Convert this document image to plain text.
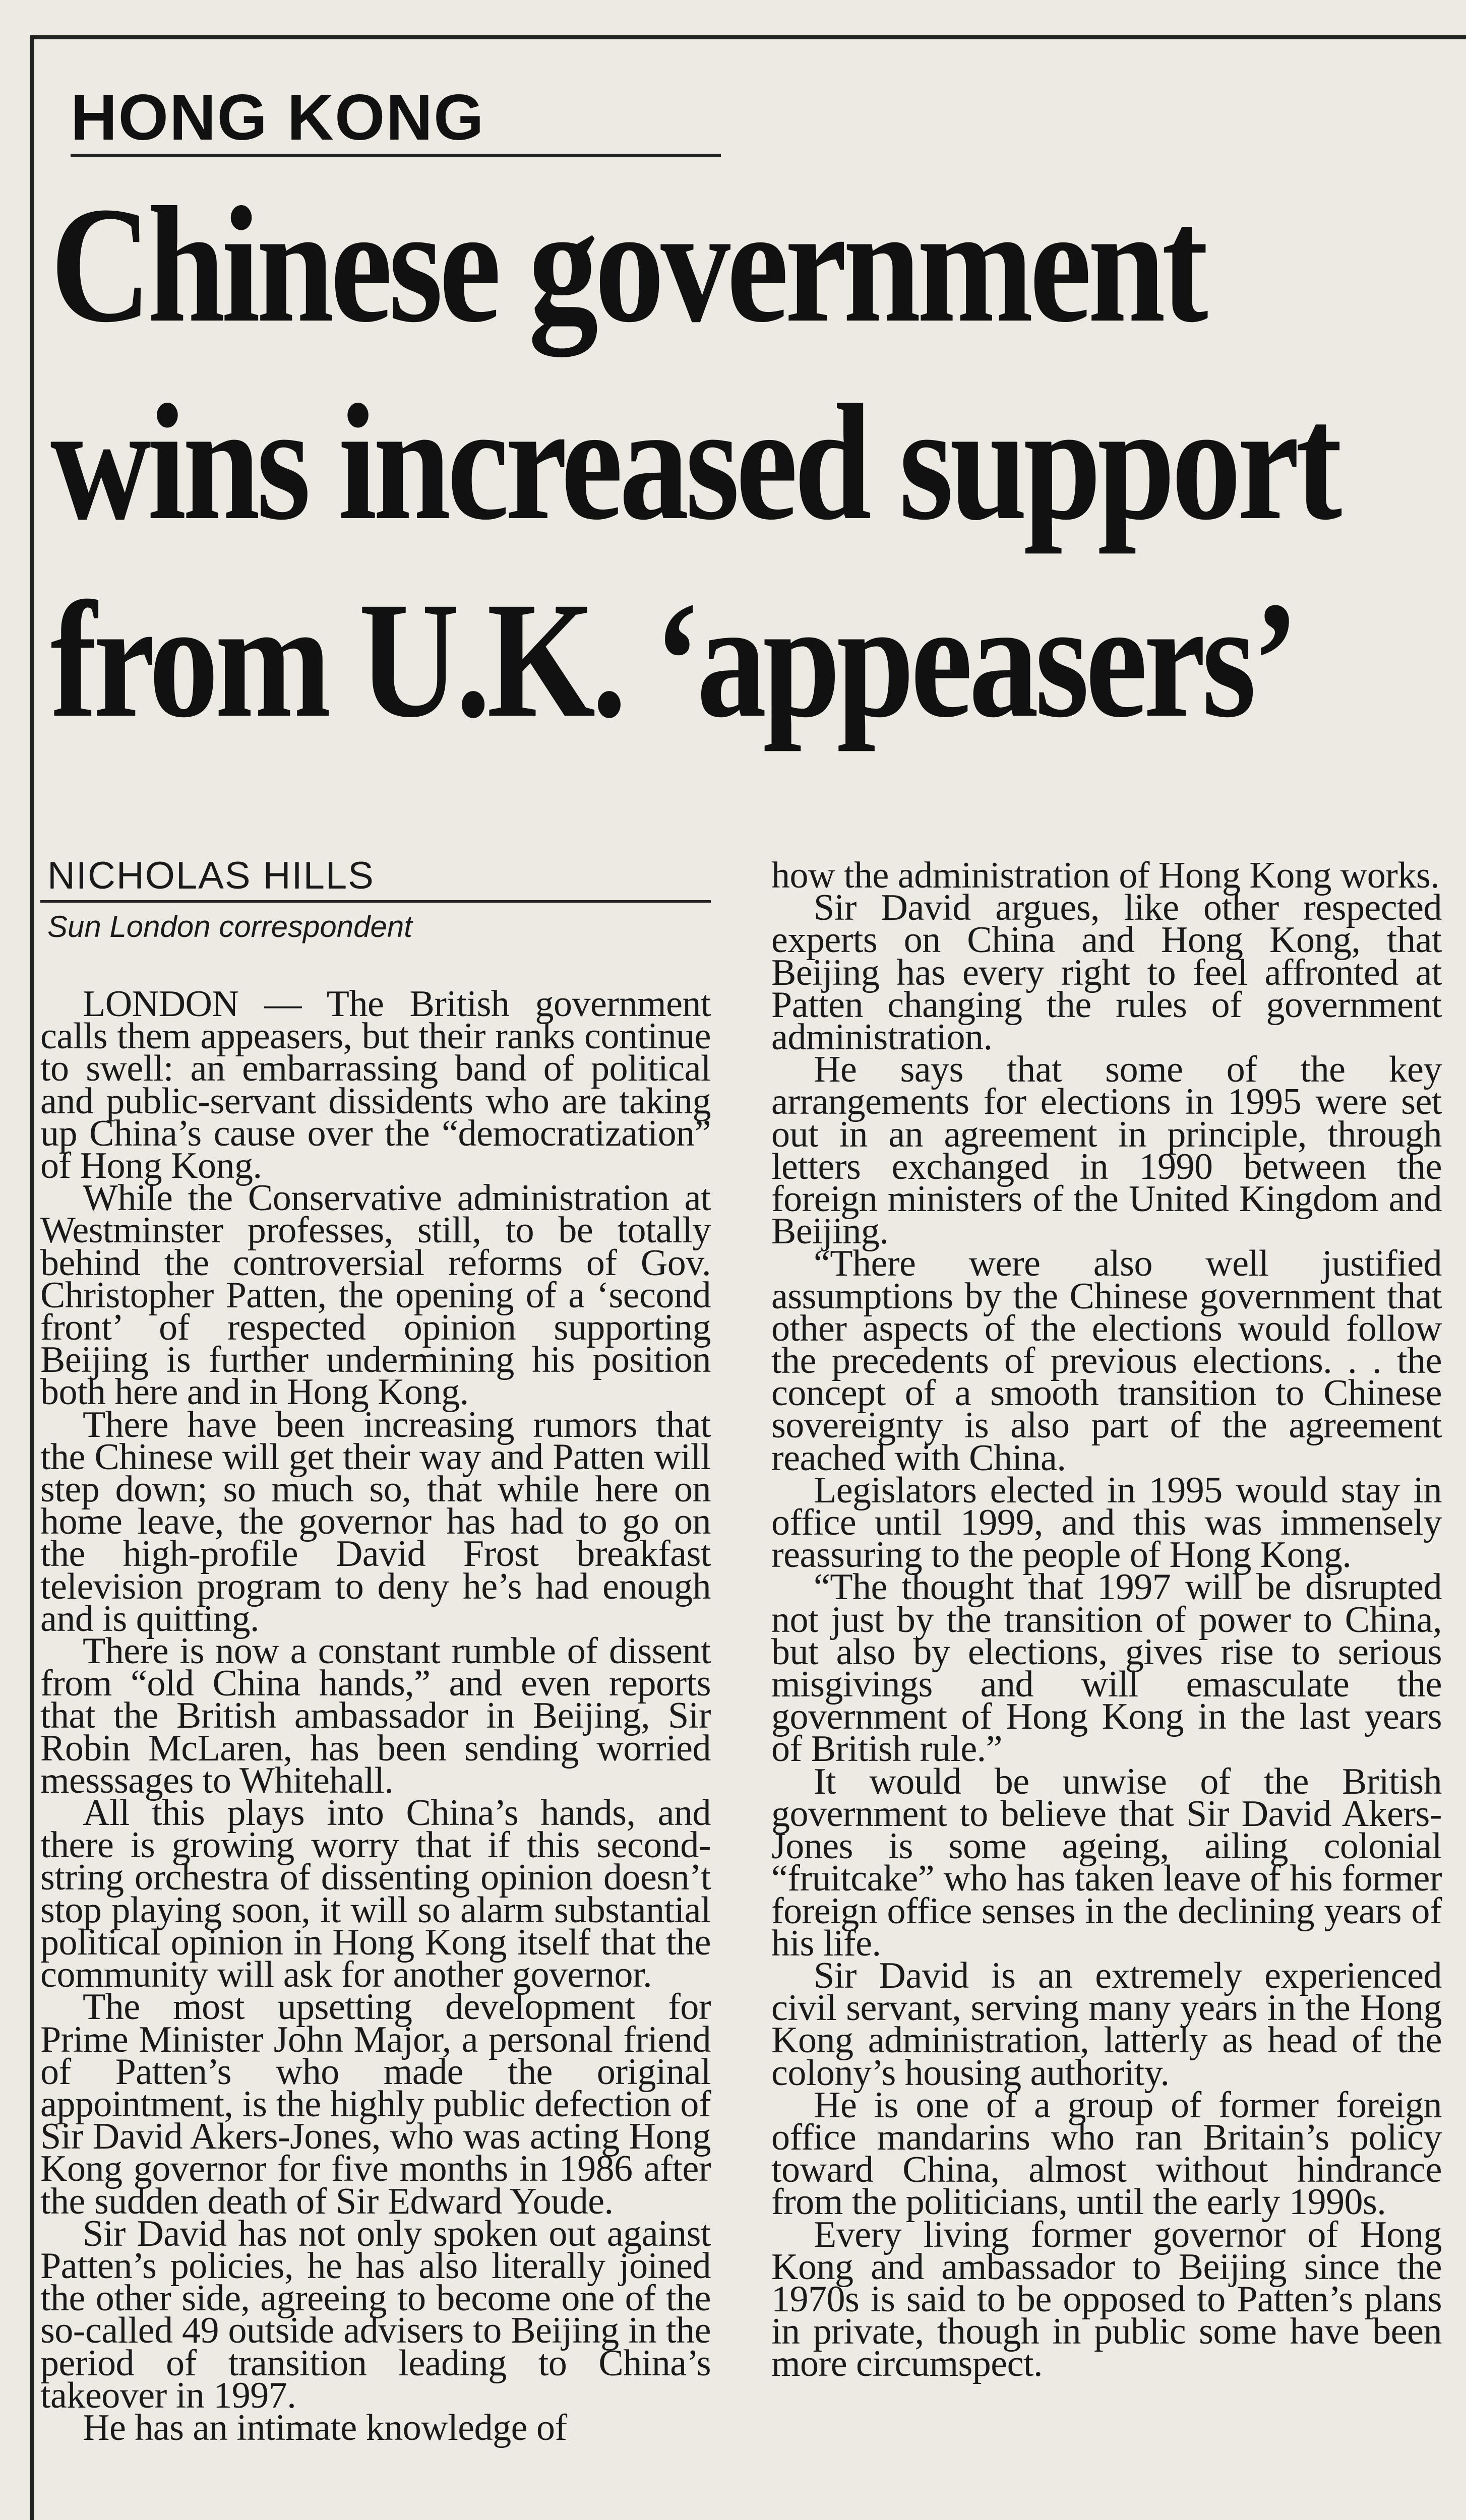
HONG KONG
Chinese government
wins increased support
from U.K. ‘appeasers’
NICHOLAS HILLS
Sun London correspondent

LONDON — The British government calls them appeasers, but their ranks continue to swell: an embarrassing band of political and public-servant dissidents who are taking up China’s cause over the “democratization” of Hong Kong.

While the Conservative administration at Westminster professes, still, to be totally behind the controversial reforms of Gov. Christopher Patten, the opening of a ‘second front’ of respected opinion supporting Beijing is further undermining his position both here and in Hong Kong.

There have been increasing rumors that the Chinese will get their way and Patten will step down; so much so, that while here on home leave, the governor has had to go on the high-profile David Frost breakfast television program to deny he’s had enough and is quitting.

There is now a constant rumble of dissent from “old China hands,” and even reports that the British ambassador in Beijing, Sir Robin McLaren, has been sending worried messsages to Whitehall.

All this plays into China’s hands, and there is growing worry that if this second-string orchestra of dissenting opinion doesn’t stop playing soon, it will so alarm substantial political opinion in Hong Kong itself that the community will ask for another governor.

The most upsetting development for Prime Minister John Major, a personal friend of Patten’s who made the original appointment, is the highly public defection of Sir David Akers-Jones, who was acting Hong Kong governor for five months in 1986 after the sudden death of Sir Edward Youde.

Sir David has not only spoken out against Patten’s policies, he has also literally joined the other side, agreeing to become one of the so-called 49 outside advisers to Beijing in the period of transition leading to China’s takeover in 1997.

He has an intimate knowledge of

how the administration of Hong Kong works.

Sir David argues, like other respected experts on China and Hong Kong, that Beijing has every right to feel affronted at Patten changing the rules of government administration.

He says that some of the key arrangements for elections in 1995 were set out in an agreement in principle, through letters exchanged in 1990 between the foreign ministers of the United Kingdom and Beijing.

“There were also well justified assumptions by the Chinese government that other aspects of the elections would follow the precedents of previous elections. . . the concept of a smooth transition to Chinese sovereignty is also part of the agreement reached with China.

Legislators elected in 1995 would stay in office until 1999, and this was immensely reassuring to the people of Hong Kong.

“The thought that 1997 will be disrupted not just by the transition of power to China, but also by elections, gives rise to serious misgivings and will emasculate the government of Hong Kong in the last years of British rule.”

It would be unwise of the British government to believe that Sir David Akers-Jones is some ageing, ailing colonial “fruitcake” who has taken leave of his former foreign office senses in the declining years of his life.

Sir David is an extremely experienced civil servant, serving many years in the Hong Kong administration, latterly as head of the colony’s housing authority.

He is one of a group of former foreign office mandarins who ran Britain’s policy toward China, almost without hindrance from the politicians, until the early 1990s.

Every living former governor of Hong Kong and ambassador to Beijing since the 1970s is said to be opposed to Patten’s plans in private, though in public some have been more circumspect.
